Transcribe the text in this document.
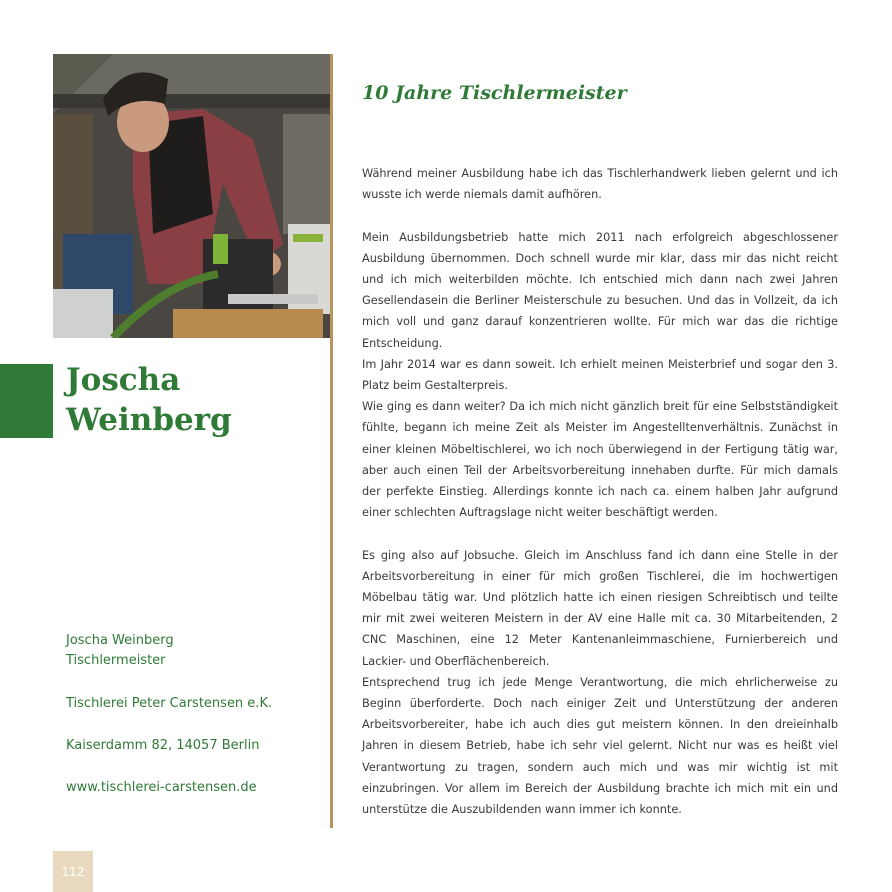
Joscha
Weinberg
Joscha Weinberg
Tischlermeister
Tischlerei Peter Carstensen e.K.
Kaiserdamm 82, 14057 Berlin
www.tischlerei-carstensen.de
10 Jahre Tischlermeister

Während meiner Ausbildung habe ich das Tischlerhandwerk lieben gelernt und ich wusste ich werde niemals damit aufhören.

Mein Ausbildungsbetrieb hatte mich 2011 nach erfolgreich abgeschlossener Ausbildung übernommen. Doch schnell wurde mir klar, dass mir das nicht reicht und ich mich weiterbilden möchte. Ich entschied mich dann nach zwei Jahren Gesellendasein die Berliner Meisterschule zu besuchen. Und das in Vollzeit, da ich mich voll und ganz darauf konzentrieren wollte. Für mich war das die richtige Entscheidung.

Im Jahr 2014 war es dann soweit. Ich erhielt meinen Meisterbrief und sogar den 3. Platz beim Gestalterpreis.

Wie ging es dann weiter? Da ich mich nicht gänzlich breit für eine Selbstständigkeit fühlte, begann ich meine Zeit als Meister im Angestelltenverhältnis. Zunächst in einer kleinen Möbeltischlerei, wo ich noch überwiegend in der Fertigung tätig war, aber auch einen Teil der Arbeitsvorbereitung innehaben durfte. Für mich damals der perfekte Einstieg. Allerdings konnte ich nach ca. einem halben Jahr aufgrund einer schlechten Auftragslage nicht weiter beschäftigt werden.

Es ging also auf Jobsuche. Gleich im Anschluss fand ich dann eine Stelle in der Arbeitsvorbereitung in einer für mich großen Tischlerei, die im hochwertigen Möbelbau tätig war. Und plötzlich hatte ich einen riesigen Schreibtisch und teilte mir mit zwei weiteren Meistern in der AV eine Halle mit ca. 30 Mitarbeitenden, 2 CNC Maschinen, eine 12 Meter Kantenanleimmaschiene, Furnierbereich und Lackier- und Oberflächenbereich.

Entsprechend trug ich jede Menge Verantwortung, die mich ehrlicherweise zu Beginn überforderte. Doch nach einiger Zeit und Unterstützung der anderen Arbeitsvorbereiter, habe ich auch dies gut meistern können. In den dreieinhalb Jahren in diesem Betrieb, habe ich sehr viel gelernt. Nicht nur was es heißt viel Verantwortung zu tragen, sondern auch mich und was mir wichtig ist mit einzubringen. Vor allem im Bereich der Ausbildung brachte ich mich mit ein und unterstütze die Auszubildenden wann immer ich konnte.

112
